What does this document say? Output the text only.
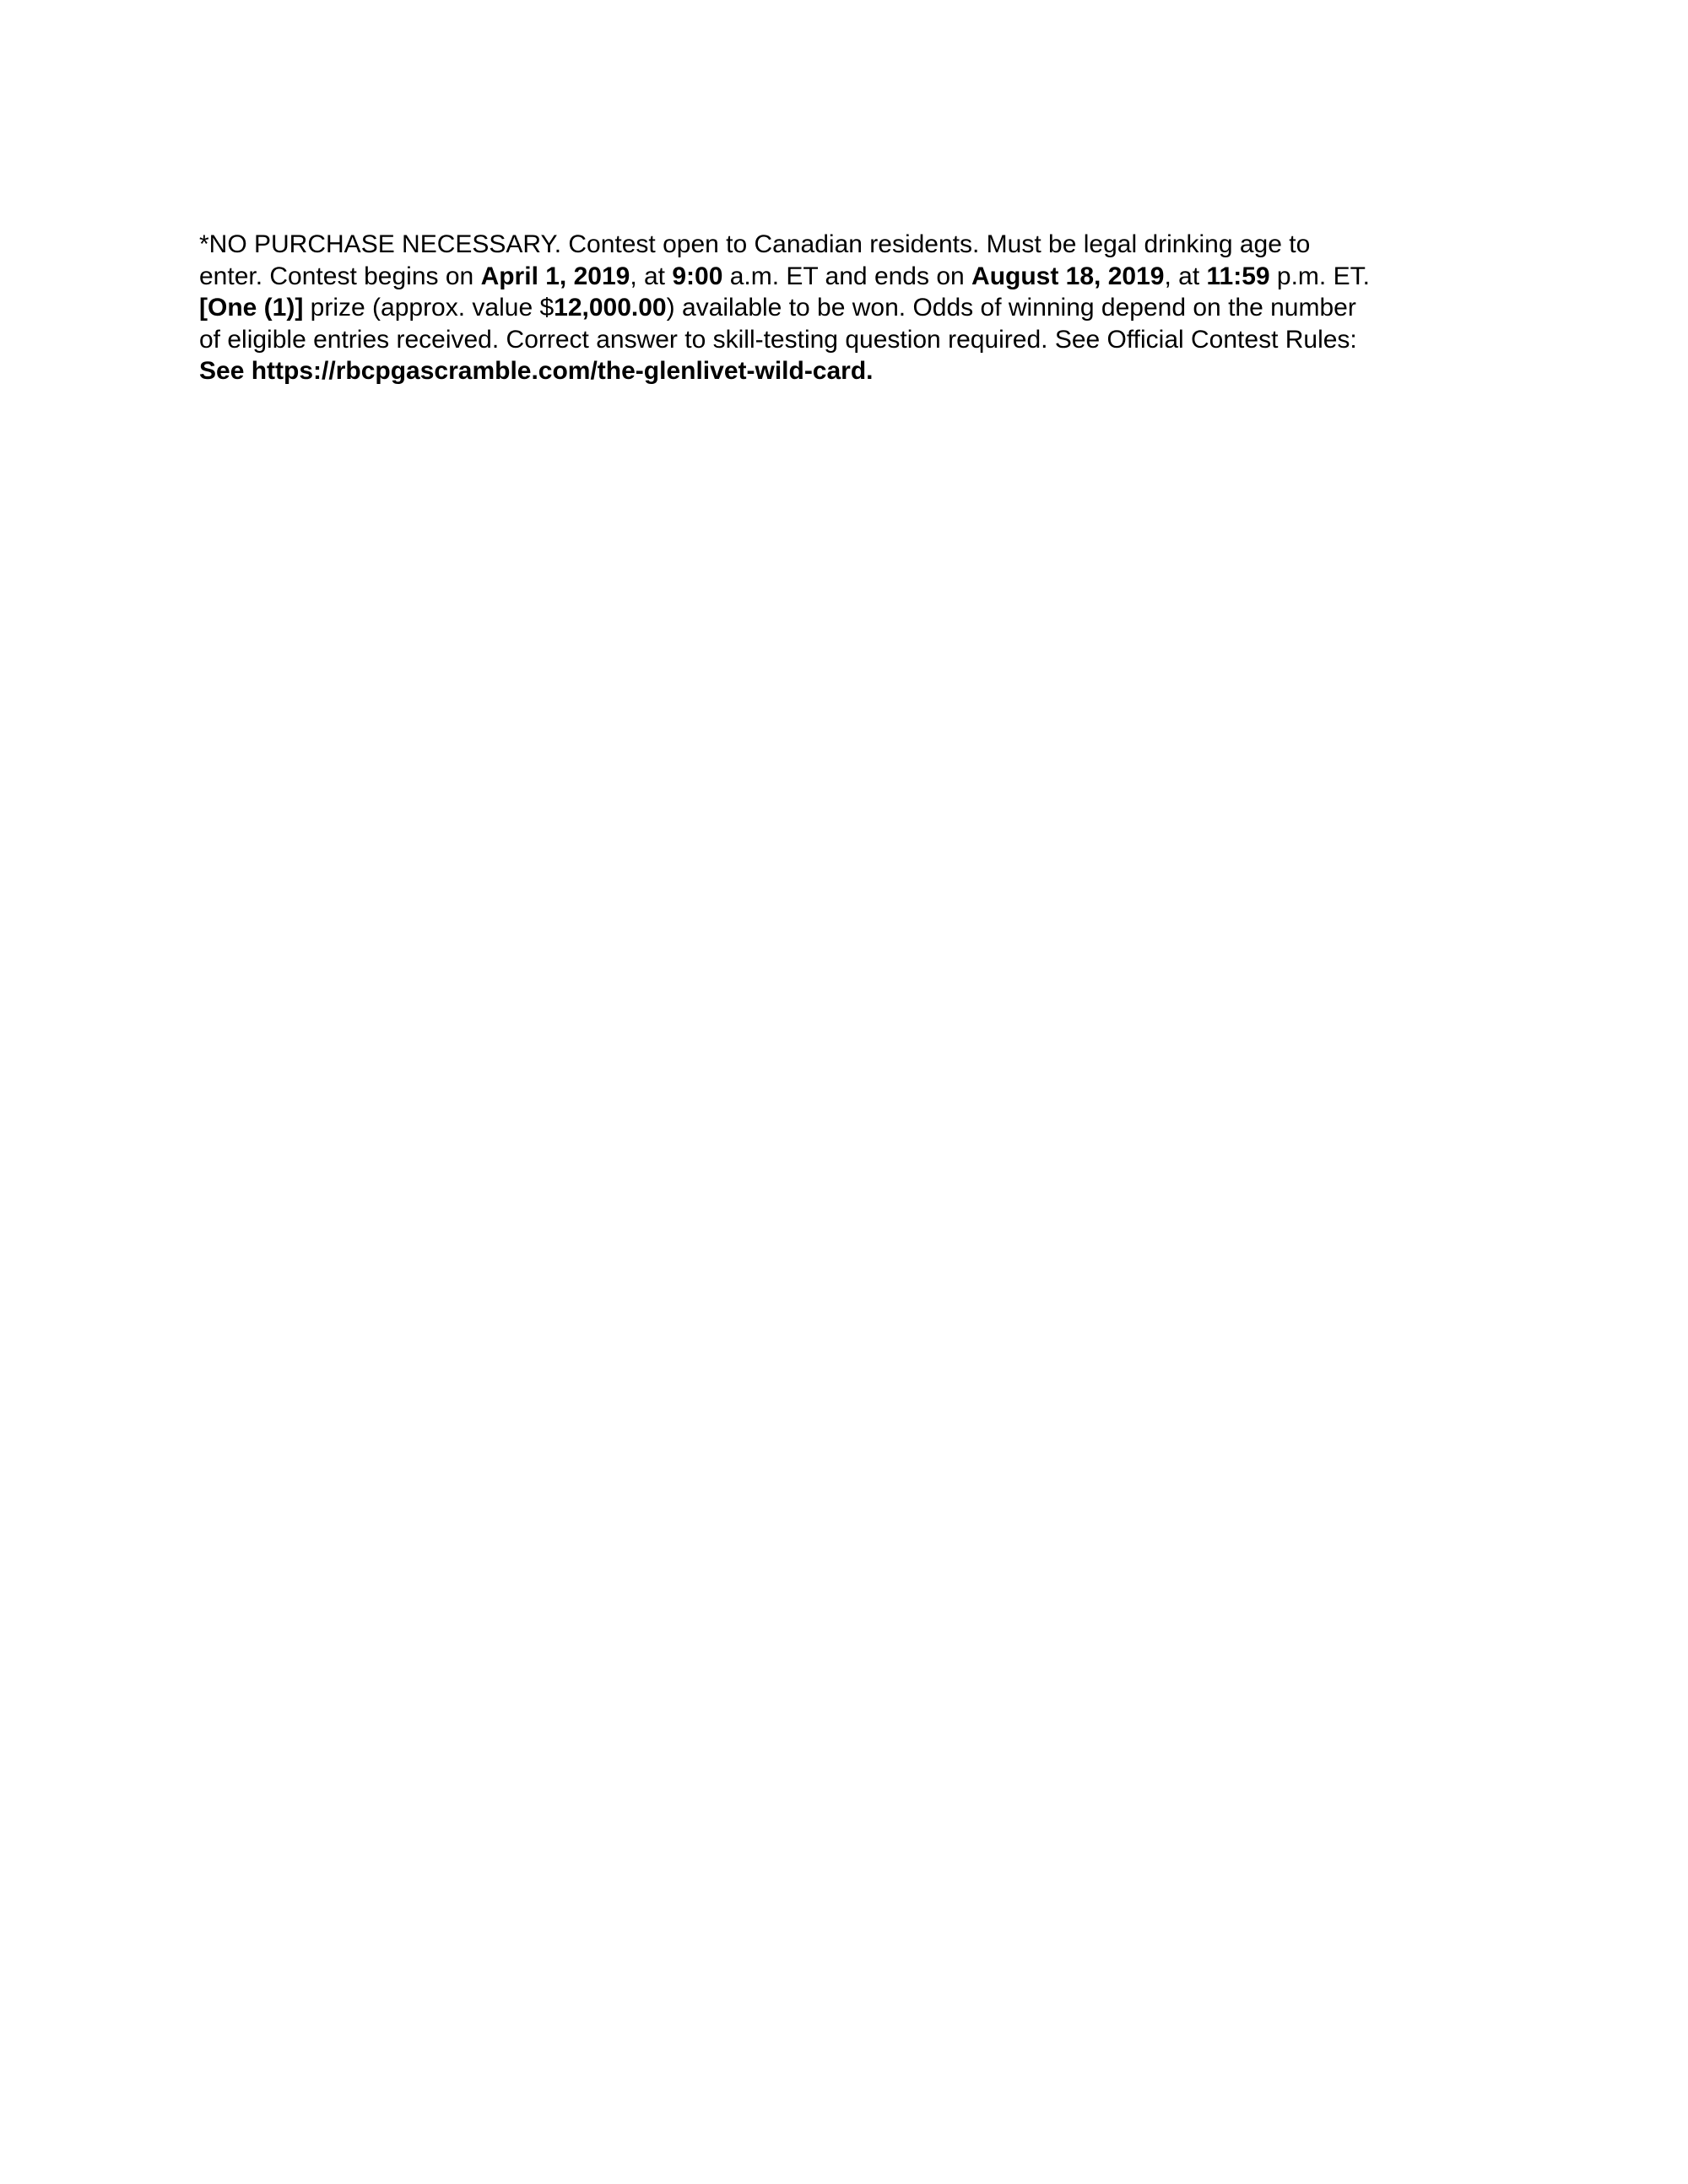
*NO PURCHASE NECESSARY. Contest open to Canadian residents. Must be legal drinking age to
enter. Contest begins on April 1, 2019, at 9:00 a.m. ET and ends on August 18, 2019, at 11:59 p.m. ET.
[One (1)] prize (approx. value $12,000.00) available to be won. Odds of winning depend on the number
of eligible entries received. Correct answer to skill-testing question required. See Official Contest Rules:
See https://rbcpgascramble.com/the-glenlivet-wild-card.
